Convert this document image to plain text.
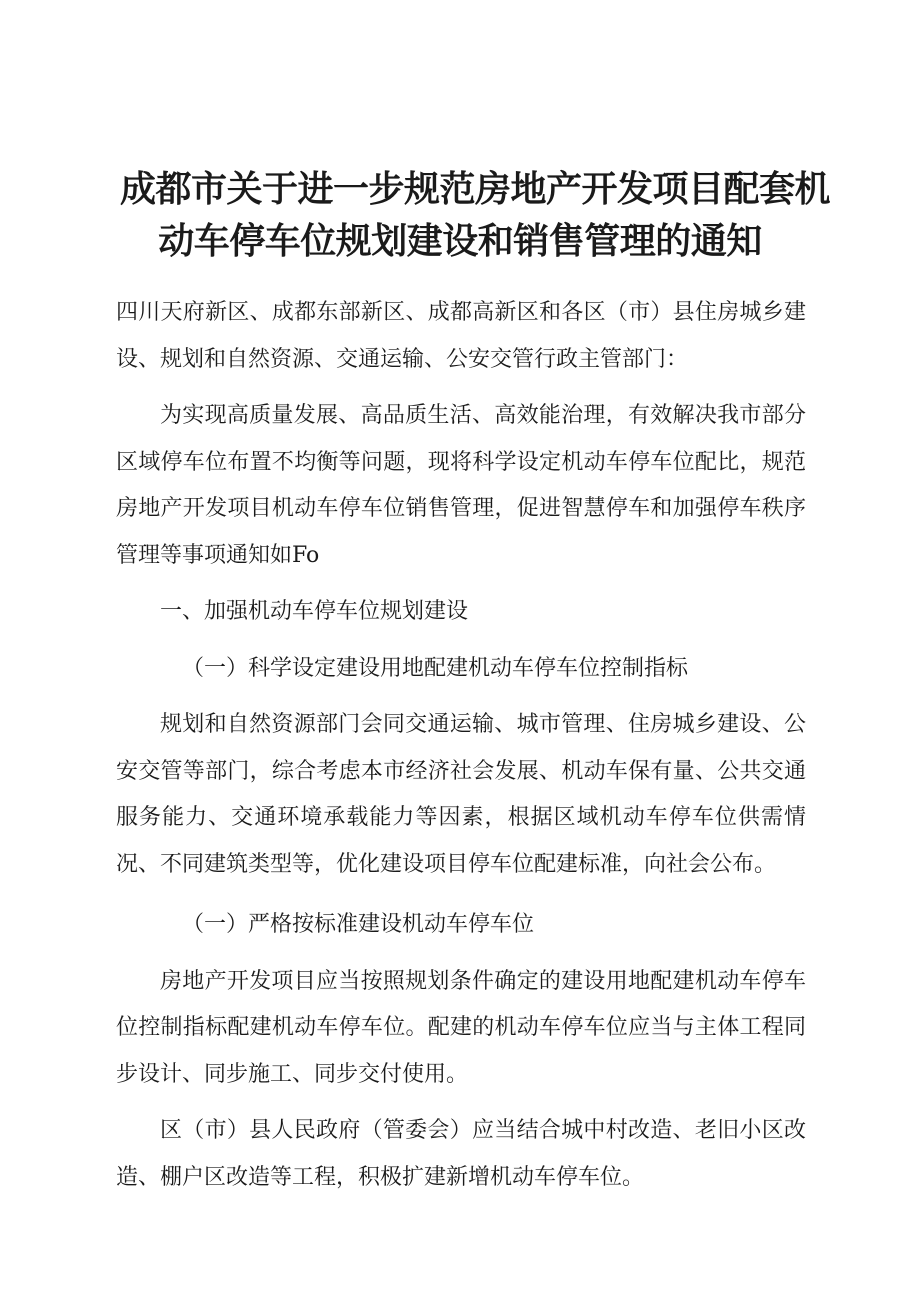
成都市关于进一步规范房地产开发项目配套机
动车停车位规划建设和销售管理的通知

四川天府新区、成都东部新区、成都高新区和各区（市）县住房城乡建设、规划和自然资源、交通运输、公安交管行政主管部门：

为实现高质量发展、高品质生活、高效能治理，有效解决我市部分区域停车位布置不均衡等问题，现将科学设定机动车停车位配比，规范房地产开发项目机动车停车位销售管理，促进智慧停车和加强停车秩序管理等事项通知如Fo

一、加强机动车停车位规划建设

（一）科学设定建设用地配建机动车停车位控制指标

规划和自然资源部门会同交通运输、城市管理、住房城乡建设、公安交管等部门，综合考虑本市经济社会发展、机动车保有量、公共交通服务能力、交通环境承载能力等因素，根据区域机动车停车位供需情况、不同建筑类型等，优化建设项目停车位配建标准，向社会公布。

（一）严格按标准建设机动车停车位

房地产开发项目应当按照规划条件确定的建设用地配建机动车停车位控制指标配建机动车停车位。配建的机动车停车位应当与主体工程同步设计、同步施工、同步交付使用。

区（市）县人民政府（管委会）应当结合城中村改造、老旧小区改造、棚户区改造等工程，积极扩建新增机动车停车位。
